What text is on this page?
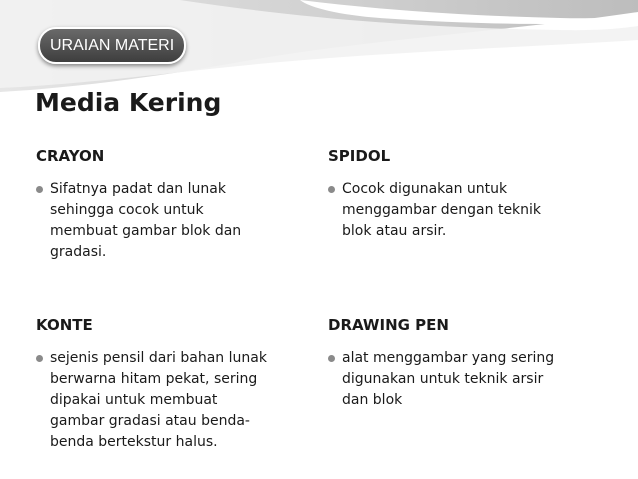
URAIAN MATERI
Media Kering
CRAYON
Sifatnya padat dan lunak
sehingga cocok untuk
membuat gambar blok dan
gradasi.
SPIDOL
Cocok digunakan untuk
menggambar dengan teknik
blok atau arsir.
KONTE
sejenis pensil dari bahan lunak
berwarna hitam pekat, sering
dipakai untuk membuat
gambar gradasi atau benda-
benda bertekstur halus.
DRAWING PEN
alat menggambar yang sering
digunakan untuk teknik arsir
dan blok
